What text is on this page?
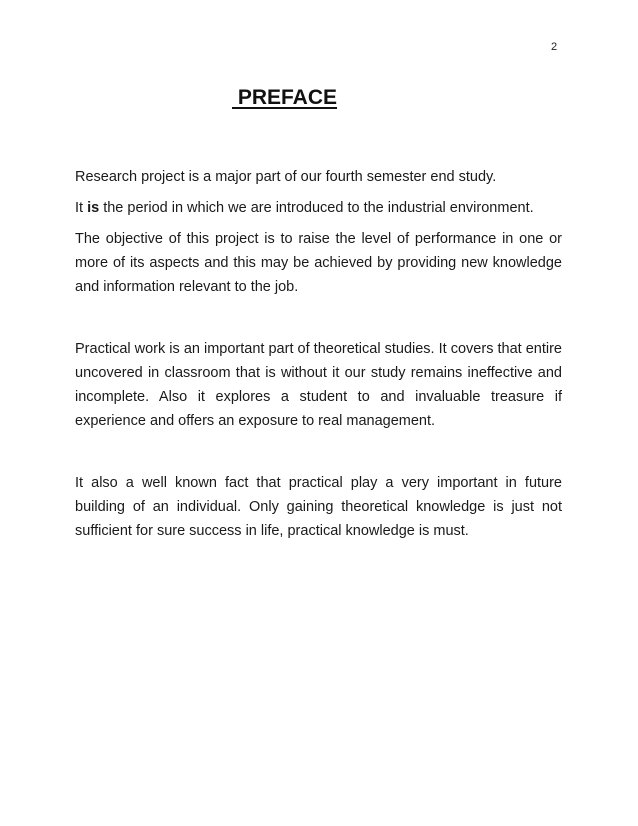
2
PREFACE

Research project is a major part of our fourth semester end study.

It is the period in which we are introduced to the industrial environment.

The objective of this project is to raise the level of performance in one or more of its aspects and this may be achieved by providing new knowledge and information relevant to the job.

Practical work is an important part of theoretical studies. It covers that entire uncovered in classroom that is without it our study remains ineffective and incomplete. Also it explores a student to and invaluable treasure if experience and offers an exposure to real management.

It also a well known fact that practical play a very important in future building of an individual. Only gaining theoretical knowledge is just not sufficient for sure success in life, practical knowledge is must.
